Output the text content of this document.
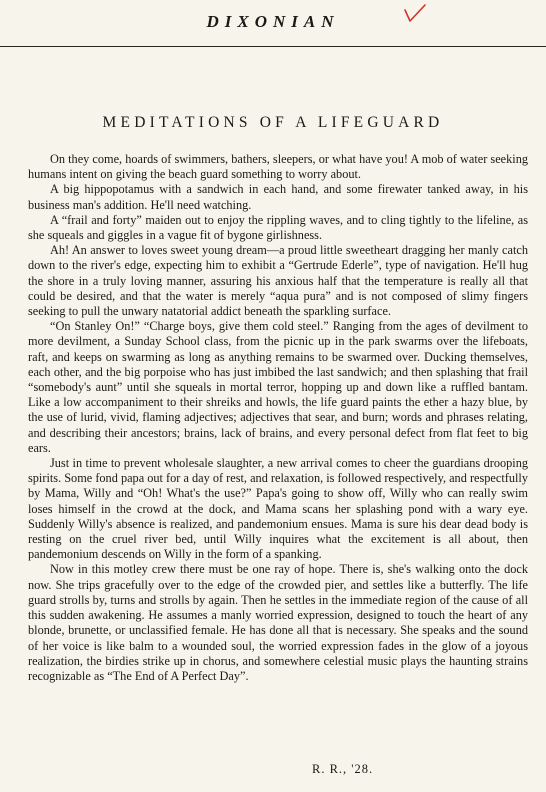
DIXONIAN
MEDITATIONS OF A LIFEGUARD

On they come, hoards of swimmers, bathers, sleepers, or what have you! A mob of water seeking humans intent on giving the beach guard something to worry about.

A big hippopotamus with a sandwich in each hand, and some firewater tanked away, in his business man's addition. He'll need watching.

A “frail and forty” maiden out to enjoy the rippling waves, and to cling tightly to the lifeline, as she squeals and giggles in a vague fit of bygone girlishness.

Ah! An answer to loves sweet young dream—a proud little sweetheart dragging her manly catch down to the river's edge, expecting him to exhibit a “Gertrude Ederle”, type of navigation. He'll hug the shore in a truly loving manner, assuring his anxious half that the temperature is really all that could be desired, and that the water is merely “aqua pura” and is not composed of slimy fingers seeking to pull the unwary natatorial addict beneath the sparkling surface.

“On Stanley On!” “Charge boys, give them cold steel.” Ranging from the ages of devilment to more devilment, a Sunday School class, from the picnic up in the park swarms over the lifeboats, raft, and keeps on swarming as long as anything remains to be swarmed over. Ducking themselves, each other, and the big porpoise who has just imbibed the last sandwich; and then splashing that frail “somebody's aunt” until she squeals in mortal terror, hopping up and down like a ruffled bantam. Like a low accompaniment to their shreiks and howls, the life guard paints the ether a hazy blue, by the use of lurid, vivid, flaming adjectives; adjectives that sear, and burn; words and phrases relating, and describing their ancestors; brains, lack of brains, and every personal defect from flat feet to big ears.

Just in time to prevent wholesale slaughter, a new arrival comes to cheer the guardians drooping spirits. Some fond papa out for a day of rest, and relaxation, is followed respectively, and respectfully by Mama, Willy and “Oh! What's the use?” Papa's going to show off, Willy who can really swim loses himself in the crowd at the dock, and Mama scans her splashing pond with a wary eye. Suddenly Willy's absence is realized, and pandemonium ensues. Mama is sure his dear dead body is resting on the cruel river bed, until Willy inquires what the excitement is all about, then pandemonium descends on Willy in the form of a spanking.

Now in this motley crew there must be one ray of hope. There is, she's walking onto the dock now. She trips gracefully over to the edge of the crowded pier, and settles like a butterfly. The life guard strolls by, turns and strolls by again. Then he settles in the immediate region of the cause of all this sudden awakening. He assumes a manly worried expression, designed to touch the heart of any blonde, brunette, or unclassified female. He has done all that is necessary. She speaks and the sound of her voice is like balm to a wounded soul, the worried expression fades in the glow of a joyous realization, the birdies strike up in chorus, and somewhere celestial music plays the haunting strains recognizable as “The End of A Perfect Day”.

R. R., '28.
